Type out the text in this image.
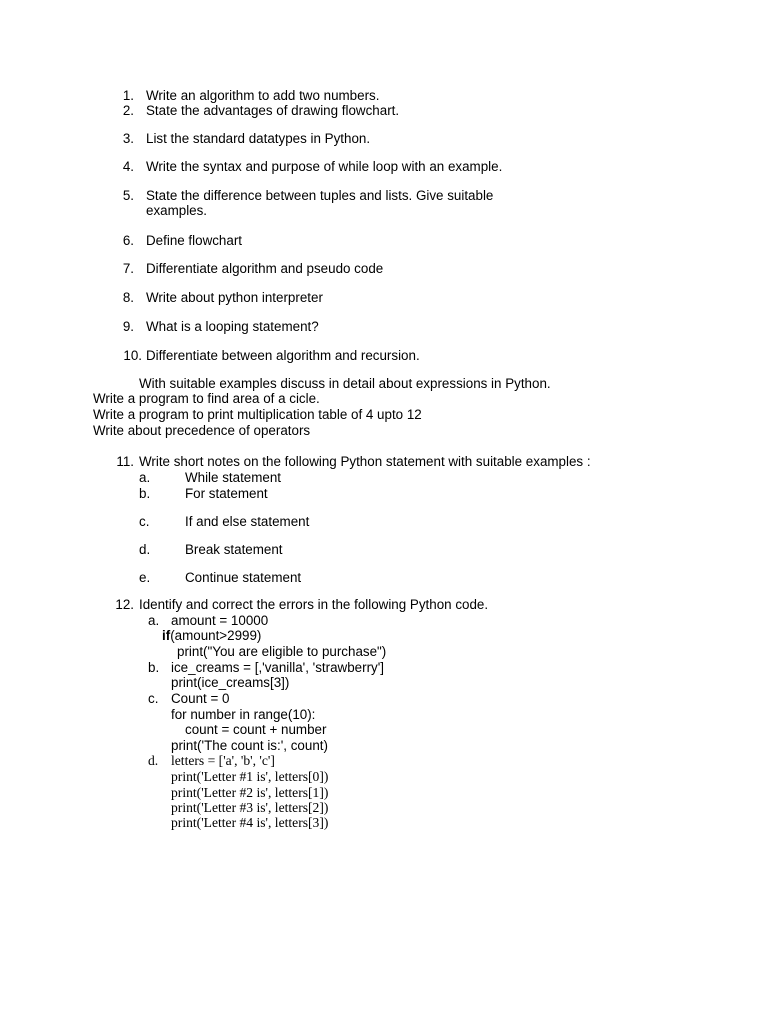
1. Write an algorithm to add two numbers.
2. State the advantages of drawing flowchart.
3. List the standard datatypes in Python.
4. Write the syntax and purpose of while loop with an example.
5. State the difference between tuples and lists. Give suitable
examples.
6. Define flowchart
7. Differentiate algorithm and pseudo code
8. Write about python interpreter
9. What is a looping statement?
10. Differentiate between algorithm and recursion.
With suitable examples discuss in detail about expressions in Python.
Write a program to find area of a cicle.
Write a program to print multiplication table of 4 upto 12
Write about precedence of operators
11. Write short notes on the following Python statement with suitable examples :
a.	While statement
b.	For statement
c.	If and else statement
d.	Break statement
e.	Continue statement
12. Identify and correct the errors in the following Python code.
a. amount = 10000
if(amount>2999)
print("You are eligible to purchase")
b. ice_creams = [,'vanilla', 'strawberry']
print(ice_creams[3])
c. Count = 0
for number in range(10):
count = count + number
print('The count is:', count)
d. letters = ['a', 'b', 'c']
print('Letter #1 is', letters[0])
print('Letter #2 is', letters[1])
print('Letter #3 is', letters[2])
print('Letter #4 is', letters[3])
